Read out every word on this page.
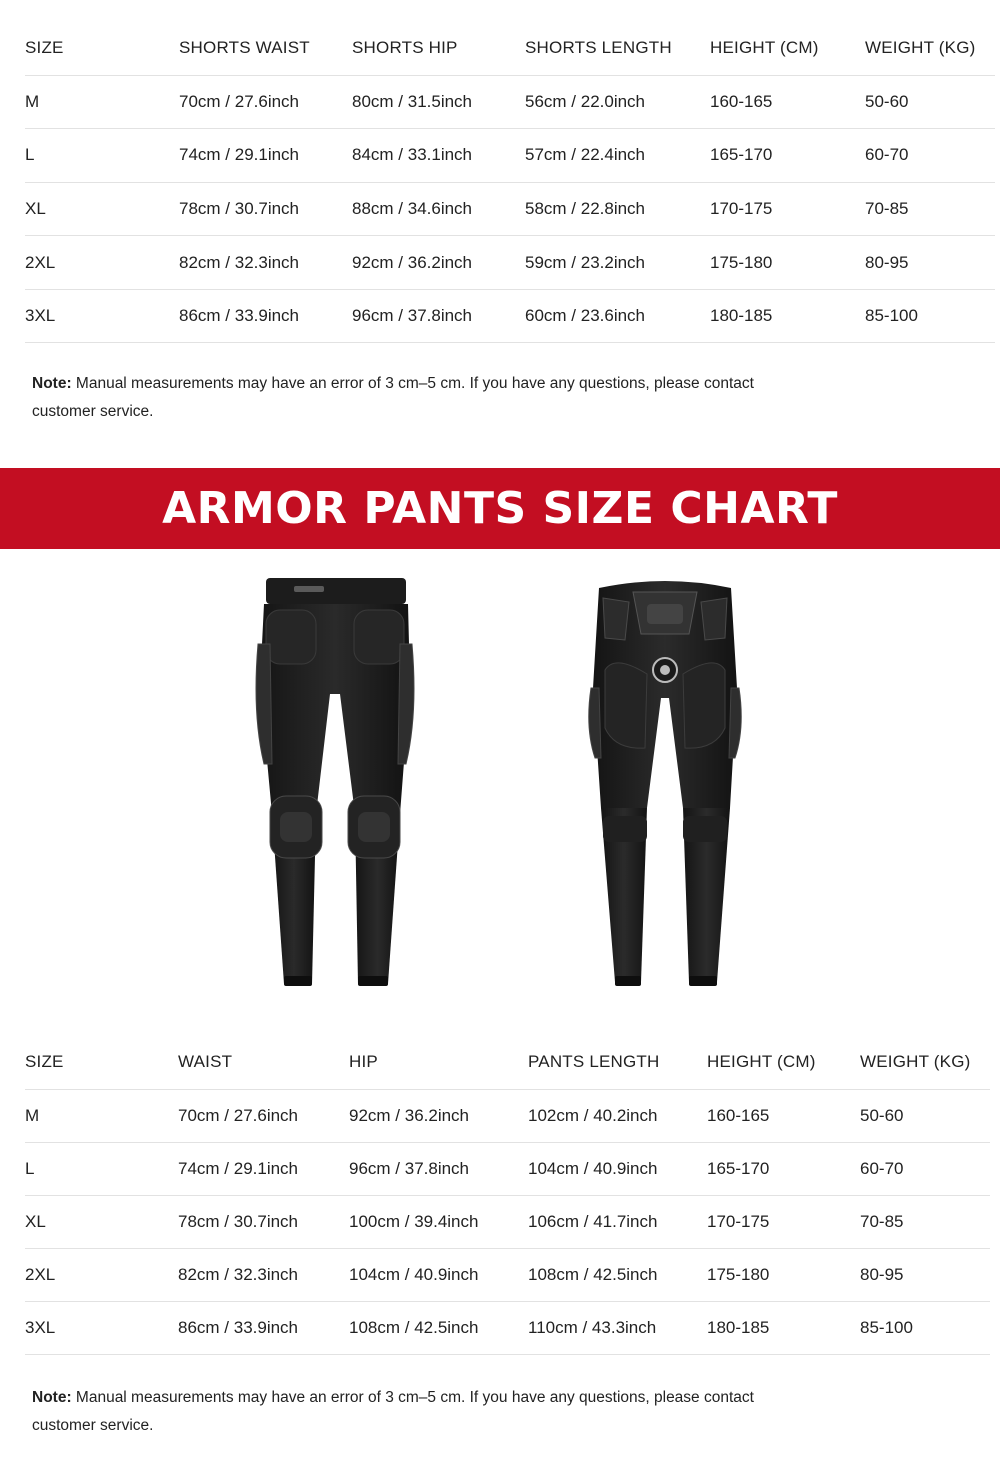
SIZE	SHORTS WAIST	SHORTS HIP	SHORTS LENGTH	HEIGHT (CM)	WEIGHT (KG)
M	70cm / 27.6inch	80cm / 31.5inch	56cm / 22.0inch	160-165	50-60
L	74cm / 29.1inch	84cm / 33.1inch	57cm / 22.4inch	165-170	60-70
XL	78cm / 30.7inch	88cm / 34.6inch	58cm / 22.8inch	170-175	70-85
2XL	82cm / 32.3inch	92cm / 36.2inch	59cm / 23.2inch	175-180	80-95
3XL	86cm / 33.9inch	96cm / 37.8inch	60cm / 23.6inch	180-185	85-100
Note: Manual measurements may have an error of 3 cm–5 cm. If you have any questions, please contact customer service.
ARMOR PANTS SIZE CHART
SIZE	WAIST	HIP	PANTS LENGTH	HEIGHT (CM)	WEIGHT (KG)
M	70cm / 27.6inch	92cm / 36.2inch	102cm / 40.2inch	160-165	50-60
L	74cm / 29.1inch	96cm / 37.8inch	104cm / 40.9inch	165-170	60-70
XL	78cm / 30.7inch	100cm / 39.4inch	106cm / 41.7inch	170-175	70-85
2XL	82cm / 32.3inch	104cm / 40.9inch	108cm / 42.5inch	175-180	80-95
3XL	86cm / 33.9inch	108cm / 42.5inch	110cm / 43.3inch	180-185	85-100
Note: Manual measurements may have an error of 3 cm–5 cm. If you have any questions, please contact customer service.
